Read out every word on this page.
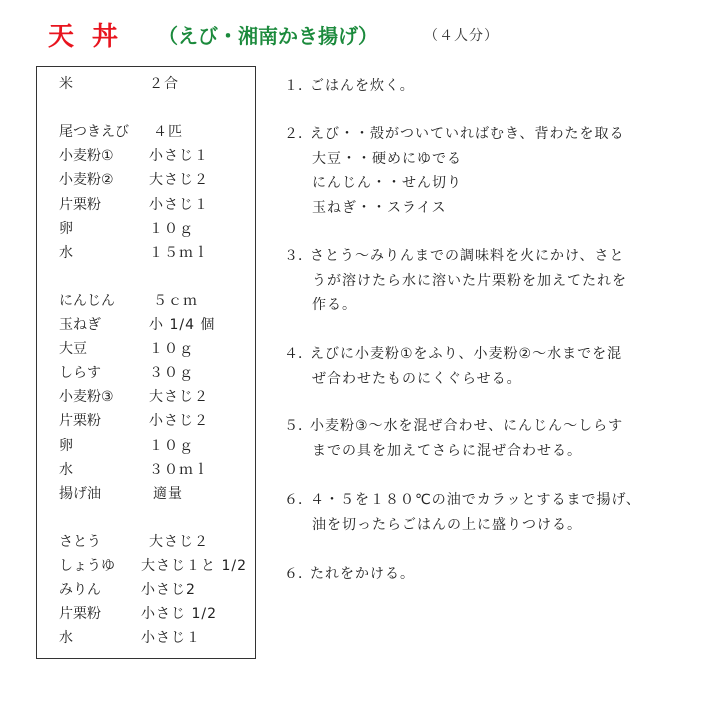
天丼 （えび・湘南かき揚げ）	（４人分）
米	２合
尾つきえび ４匹
小麦粉①	小さじ１
小麦粉②	大さじ２
片栗粉	小さじ１
卵	１０ｇ
水	１５ｍｌ
にんじん	５ｃｍ
玉ねぎ	小 1/4 個
大豆	１０ｇ
しらす	３０ｇ
小麦粉③	大さじ２
片栗粉	小さじ２
卵	１０ｇ
水	３０ｍｌ
揚げ油	適量
さとう	大さじ２
しょうゆ 大さじ１と 1/2
みりん	小さじ2
片栗粉	小さじ 1/2
水	小さじ１
１．
ごはんを炊く。
２．
えび・・殻がついていればむき、背わたを取る
大豆・・硬めにゆでる
にんじん・・せん切り
玉ねぎ・・スライス
３．
さとう～みりんまでの調味料を火にかけ、さと
うが溶けたら水に溶いた片栗粉を加えてたれを
作る。
４．
えびに小麦粉①をふり、小麦粉②～水までを混
ぜ合わせたものにくぐらせる。
５．
小麦粉③～水を混ぜ合わせ、にんじん～しらす
までの具を加えてさらに混ぜ合わせる。
６．
４・５を１８０℃の油でカラッとするまで揚げ、
油を切ったらごはんの上に盛りつける。
６．
たれをかける。
